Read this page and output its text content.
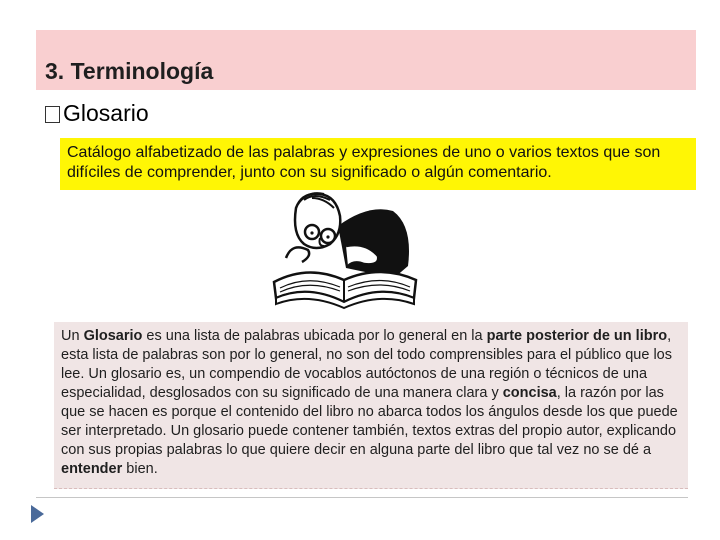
3. Terminología
Glosario
Catálogo alfabetizado de las palabras y expresiones de uno o varios textos que son difíciles de comprender, junto con su significado o algún comentario.
Un Glosario es una lista de palabras ubicada por lo general en la parte posterior de un libro, esta lista de palabras son por lo general, no son del todo comprensibles para el público que los lee. Un glosario es, un compendio de vocablos autóctonos de una región o técnicos de una especialidad, desglosados con su significado de una manera clara y concisa, la razón por las que se hacen es porque el contenido del libro no abarca todos los ángulos desde los que puede ser interpretado. Un glosario puede contener también, textos extras del propio autor, explicando con sus propias palabras lo que quiere decir en alguna parte del libro que tal vez no se dé a entender bien.
